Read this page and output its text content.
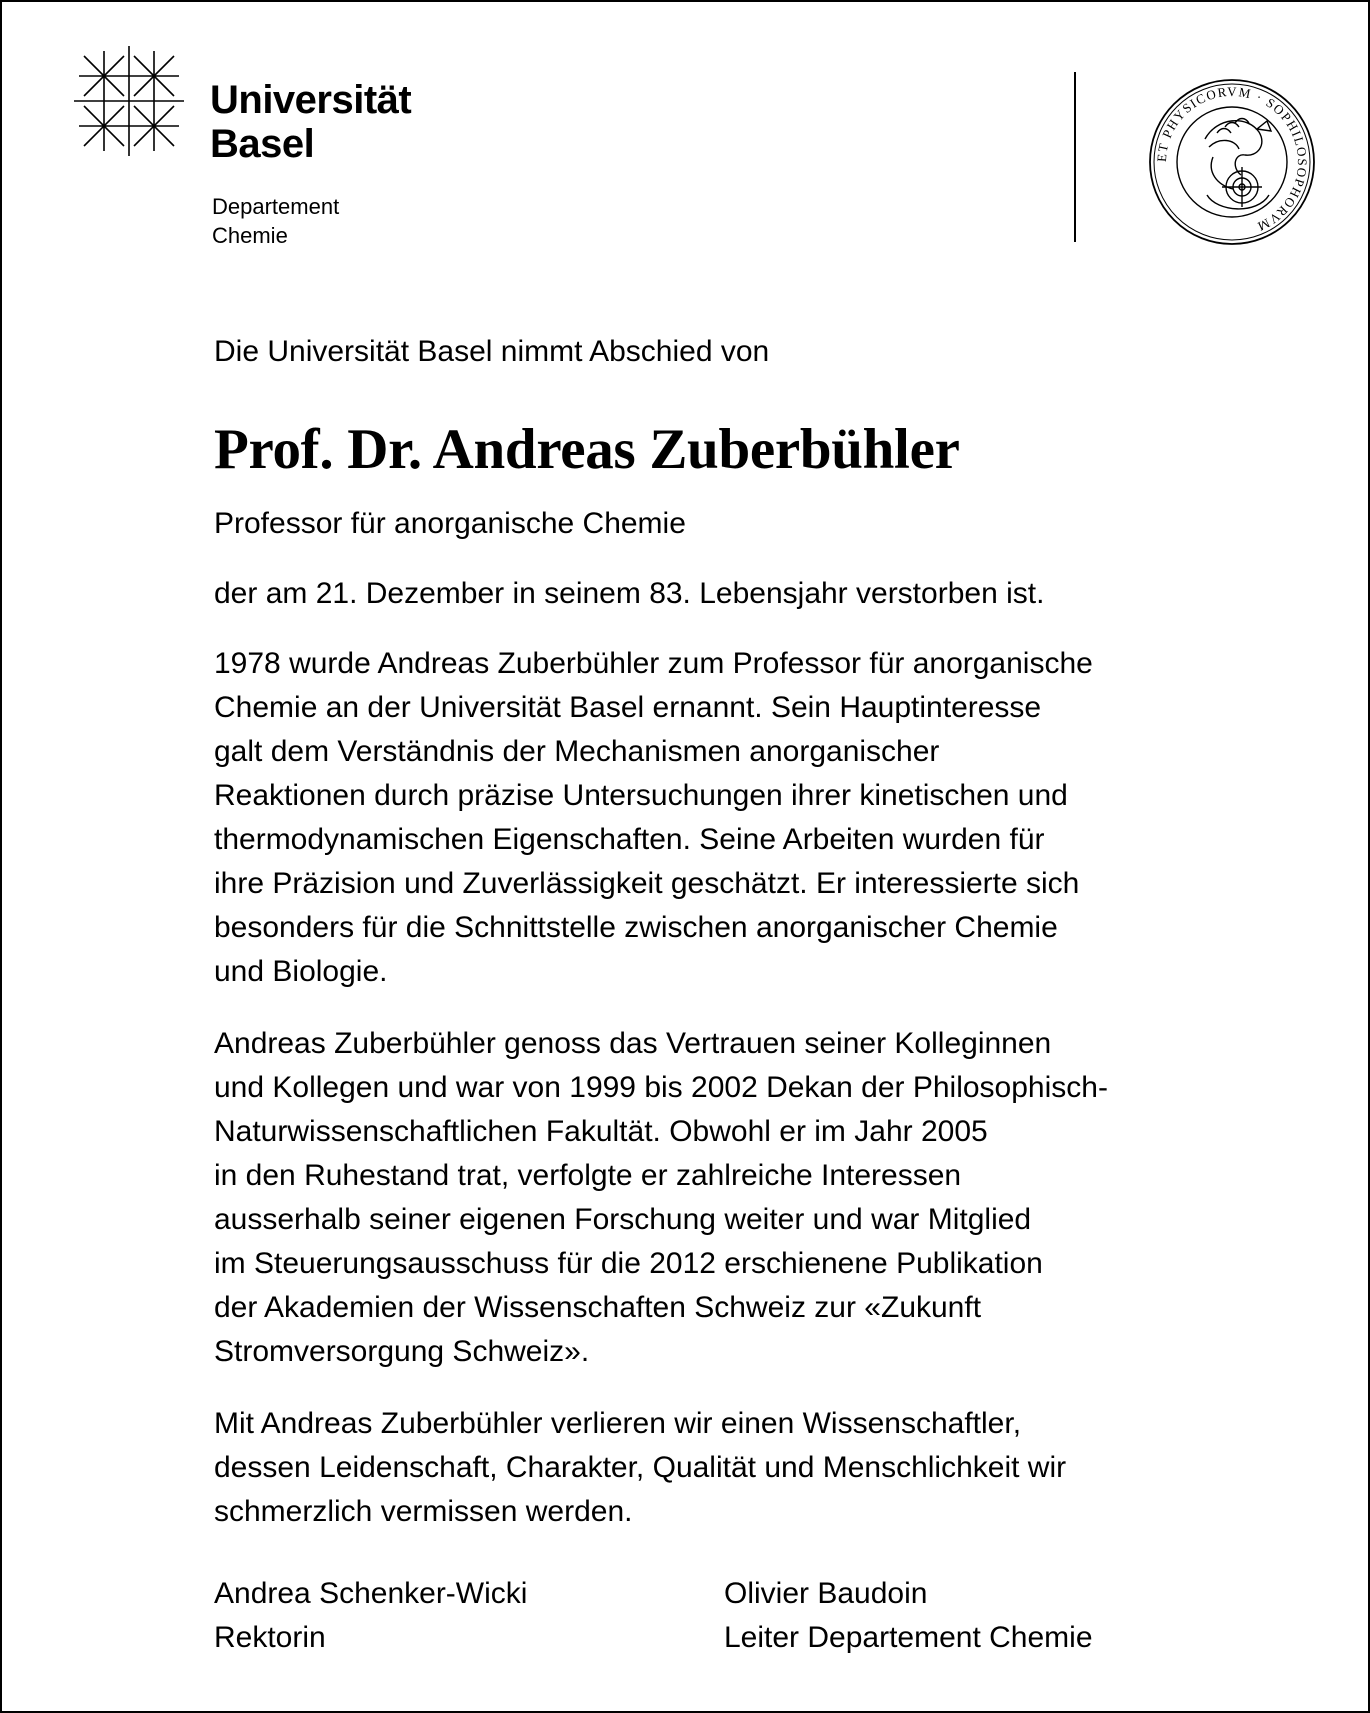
Universität
Basel
Departement
Chemie
ET PHYSICORVM · SOPHILOSOPHORVM

Die Universität Basel nimmt Abschied von

Prof. Dr. Andreas Zuberbühler

Professor für anorganische Chemie

der am 21. Dezember in seinem 83. Lebensjahr verstorben ist.

1978 wurde Andreas Zuberbühler zum Professor für anorganische
Chemie an der Universität Basel ernannt. Sein Hauptinteresse
galt dem Verständnis der Mechanismen anorganischer
Reaktionen durch präzise Untersuchungen ihrer kinetischen und
thermodynamischen Eigenschaften. Seine Arbeiten wurden für
ihre Präzision und Zuverlässigkeit geschätzt. Er interessierte sich
besonders für die Schnittstelle zwischen anorganischer Chemie
und Biologie.
Andreas Zuberbühler genoss das Vertrauen seiner Kolleginnen
und Kollegen und war von 1999 bis 2002 Dekan der Philosophisch-
Naturwissenschaftlichen Fakultät. Obwohl er im Jahr 2005
in den Ruhestand trat, verfolgte er zahlreiche Interessen
ausserhalb seiner eigenen Forschung weiter und war Mitglied
im Steuerungsausschuss für die 2012 erschienene Publikation
der Akademien der Wissenschaften Schweiz zur «Zukunft
Stromversorgung Schweiz».
Mit Andreas Zuberbühler verlieren wir einen Wissenschaftler,
dessen Leidenschaft, Charakter, Qualität und Menschlichkeit wir
schmerzlich vermissen werden.
Andrea Schenker-Wicki
Rektorin
Olivier Baudoin
Leiter Departement Chemie
